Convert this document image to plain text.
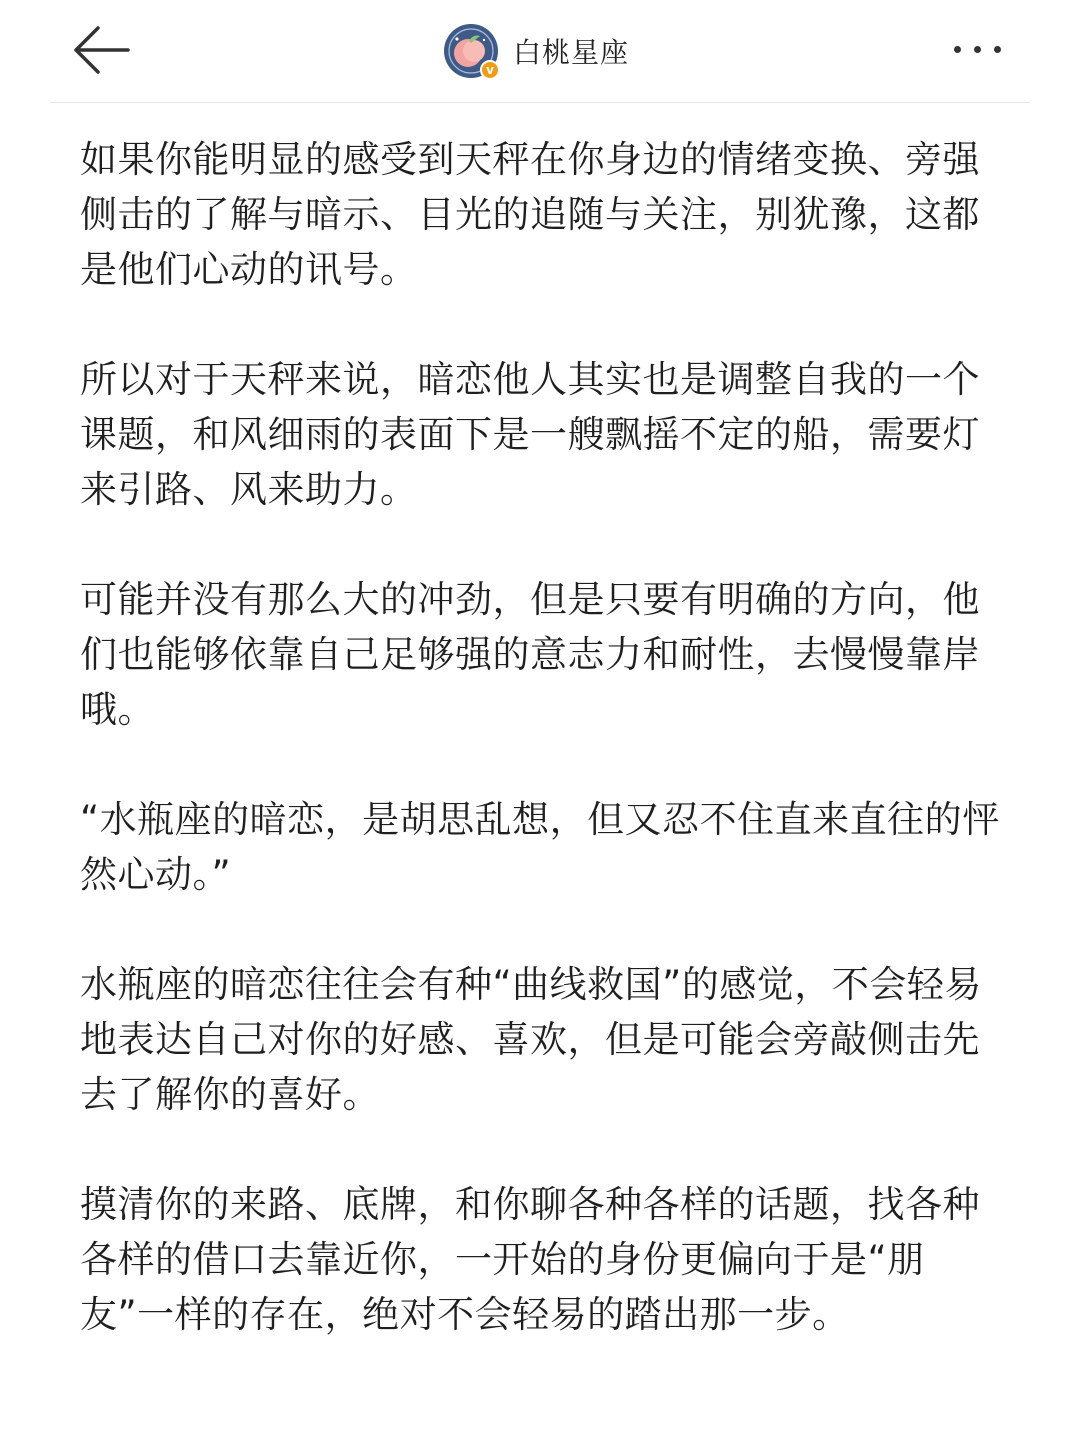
v
白桃星座

如果你能明显的感受到天秤在你身边的情绪变换、旁强侧击的了解与暗示、目光的追随与关注，别犹豫，这都是他们心动的讯号。

所以对于天秤来说，暗恋他人其实也是调整自我的一个课题，和风细雨的表面下是一艘飘摇不定的船，需要灯来引路、风来助力。

可能并没有那么大的冲劲，但是只要有明确的方向，他们也能够依靠自己足够强的意志力和耐性，去慢慢靠岸哦。

“水瓶座的暗恋，是胡思乱想，但又忍不住直来直往的怦然心动。”

水瓶座的暗恋往往会有种“曲线救国”的感觉，不会轻易地表达自己对你的好感、喜欢，但是可能会旁敲侧击先去了解你的喜好。

摸清你的来路、底牌，和你聊各种各样的话题，找各种各样的借口去靠近你，一开始的身份更偏向于是“朋友”一样的存在，绝对不会轻易的踏出那一步。
